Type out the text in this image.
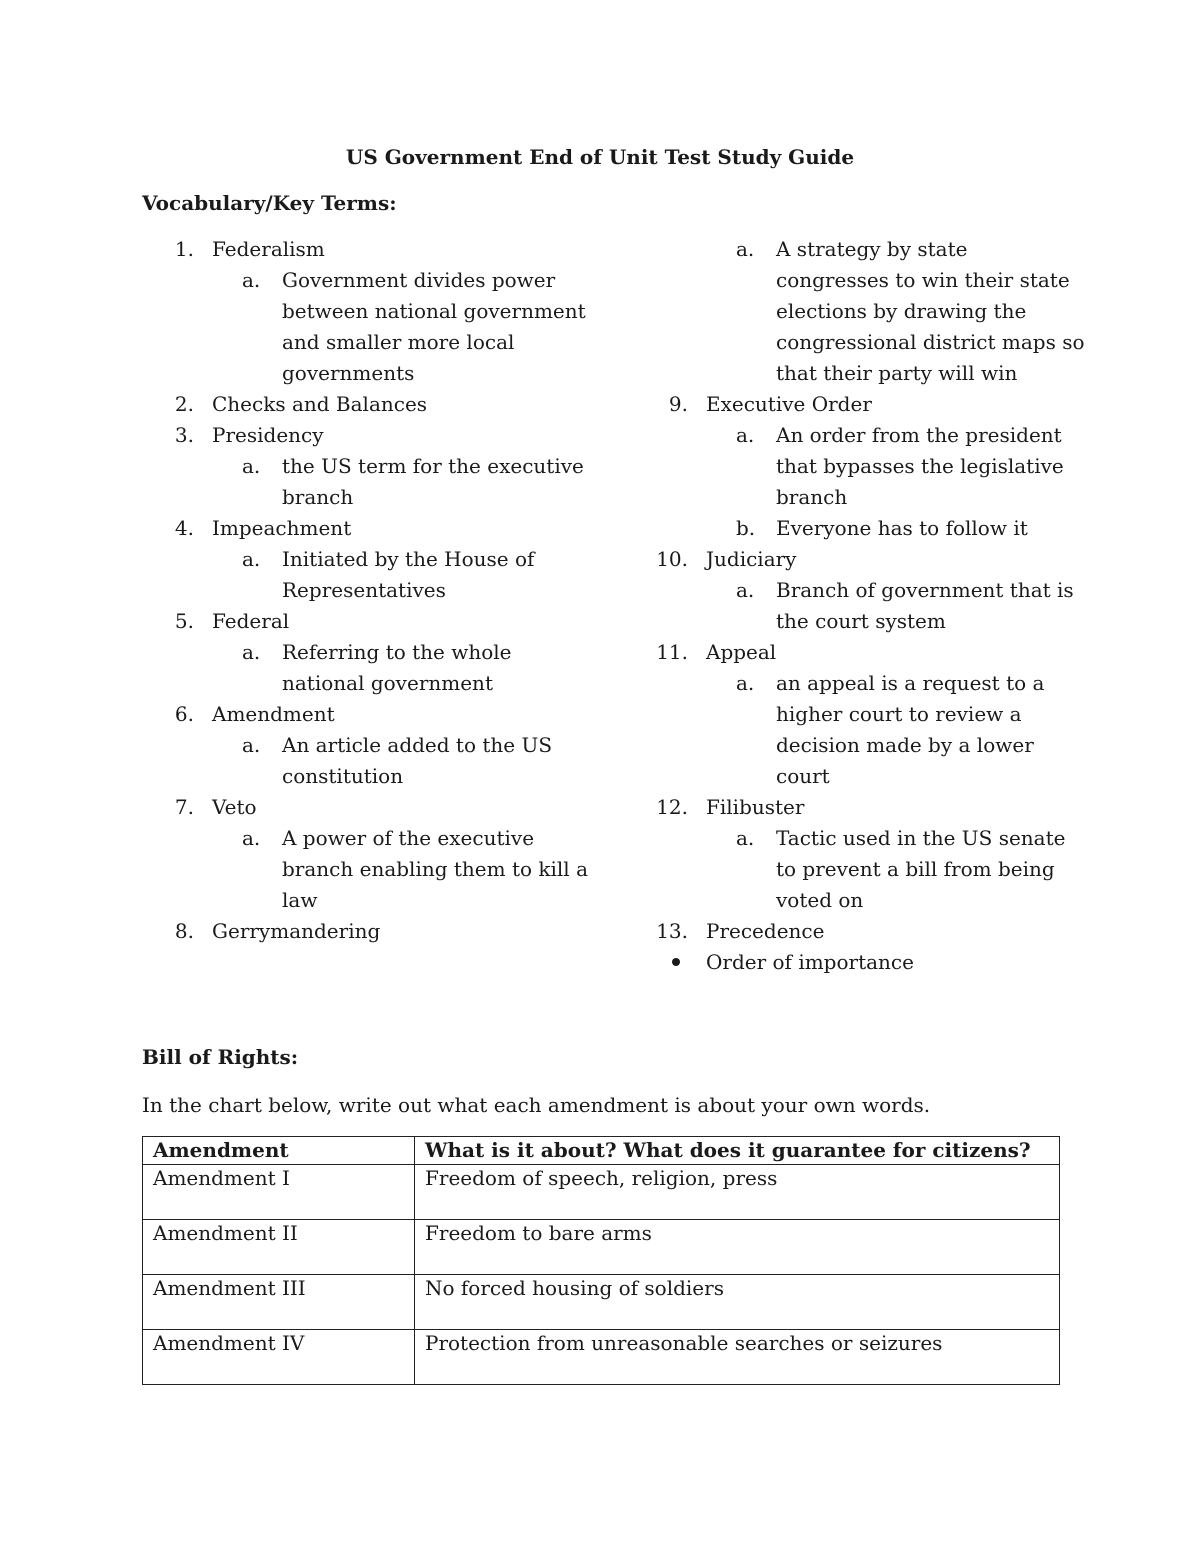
US Government End of Unit Test Study Guide
Vocabulary/Key Terms:
1. Federalism
a. Government divides power between national government and smaller more local governments
2. Checks and Balances
3. Presidency
a. the US term for the executive branch
4. Impeachment
a. Initiated by the House of Representatives
5. Federal
a. Referring to the whole national government
6. Amendment
a. An article added to the US constitution
7. Veto
a. A power of the executive branch enabling them to kill a law
8. Gerrymandering
a. A strategy by state congresses to win their state elections by drawing the congressional district maps so that their party will win
9. Executive Order
a. An order from the president that bypasses the legislative branch
b. Everyone has to follow it
10. Judiciary
a. Branch of government that is the court system
11. Appeal
a. an appeal is a request to a higher court to review a decision made by a lower court
12. Filibuster
a. Tactic used in the US senate to prevent a bill from being voted on
13. Precedence
Order of importance
Bill of Rights:
In the chart below, write out what each amendment is about your own words.
Amendment	What is it about? What does it guarantee for citizens?
Amendment I	Freedom of speech, religion, press
Amendment II	Freedom to bare arms
Amendment III	No forced housing of soldiers
Amendment IV	Protection from unreasonable searches or seizures
